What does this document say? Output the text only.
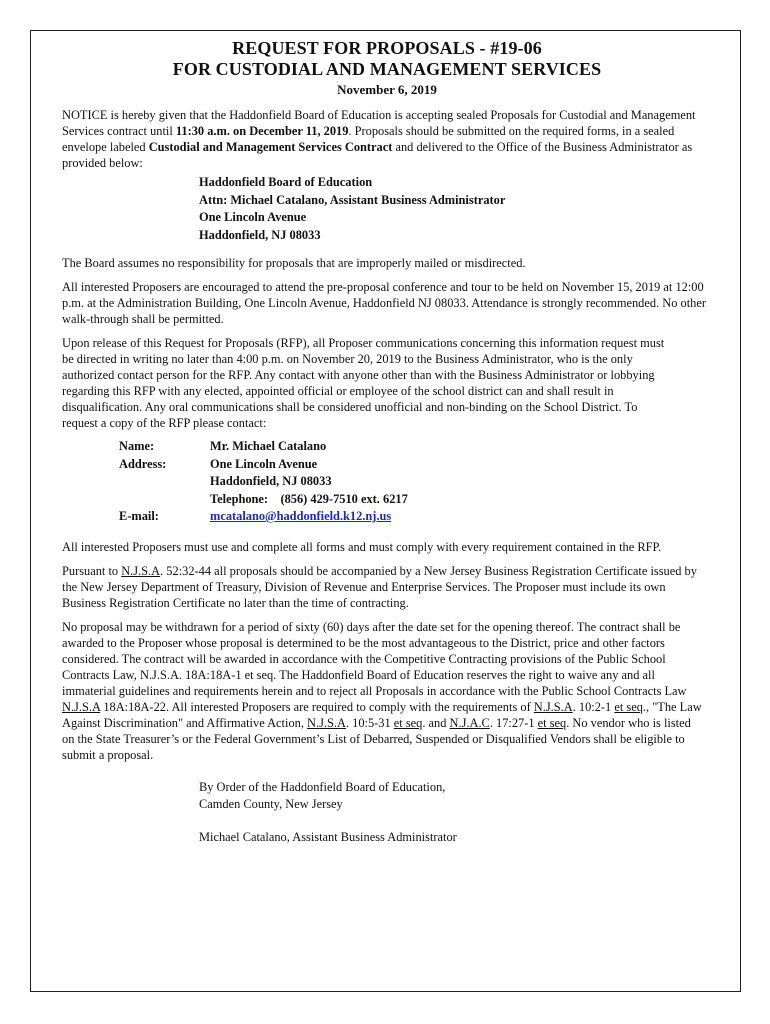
REQUEST FOR PROPOSALS - #19-06
FOR CUSTODIAL AND MANAGEMENT SERVICES
November 6, 2019

NOTICE is hereby given that the Haddonfield Board of Education is accepting sealed Proposals for Custodial and Management Services contract until 11:30 a.m. on December 11, 2019. Proposals should be submitted on the required forms, in a sealed envelope labeled Custodial and Management Services Contract and delivered to the Office of the Business Administrator as provided below:

Haddonfield Board of Education
Attn: Michael Catalano, Assistant Business Administrator
One Lincoln Avenue
Haddonfield, NJ 08033

The Board assumes no responsibility for proposals that are improperly mailed or misdirected.

All interested Proposers are encouraged to attend the pre-proposal conference and tour to be held on November 15, 2019 at 12:00 p.m. at the Administration Building, One Lincoln Avenue, Haddonfield NJ 08033. Attendance is strongly recommended. No other walk-through shall be permitted.

Upon release of this Request for Proposals (RFP), all Proposer communications concerning this information request must be directed in writing no later than 4:00 p.m. on November 20, 2019 to the Business Administrator, who is the only authorized contact person for the RFP. Any contact with anyone other than with the Business Administrator or lobbying regarding this RFP with any elected, appointed official or employee of the school district can and shall result in disqualification. Any oral communications shall be considered unofficial and non-binding on the School District. To request a copy of the RFP please contact:

Name:	Mr. Michael Catalano
Address:	One Lincoln Avenue
Haddonfield, NJ 08033
Telephone:    (856) 429-7510 ext. 6217
E-mail:	mcatalano@haddonfield.k12.nj.us

All interested Proposers must use and complete all forms and must comply with every requirement contained in the RFP.

Pursuant to N.J.S.A. 52:32-44 all proposals should be accompanied by a New Jersey Business Registration Certificate issued by the New Jersey Department of Treasury, Division of Revenue and Enterprise Services. The Proposer must include its own Business Registration Certificate no later than the time of contracting.

No proposal may be withdrawn for a period of sixty (60) days after the date set for the opening thereof. The contract shall be awarded to the Proposer whose proposal is determined to be the most advantageous to the District, price and other factors considered. The contract will be awarded in accordance with the Competitive Contracting provisions of the Public School Contracts Law, N.J.S.A. 18A:18A-1 et seq. The Haddonfield Board of Education reserves the right to waive any and all immaterial guidelines and requirements herein and to reject all Proposals in accordance with the Public School Contracts Law N.J.S.A 18A:18A-22. All interested Proposers are required to comply with the requirements of N.J.S.A. 10:2-1 et seq., "The Law Against Discrimination" and Affirmative Action, N.J.S.A. 10:5-31 et seq. and N.J.A.C. 17:27-1 et seq. No vendor who is listed on the State Treasurer’s or the Federal Government’s List of Debarred, Suspended or Disqualified Vendors shall be eligible to submit a proposal.

By Order of the Haddonfield Board of Education,
Camden County, New Jersey
Michael Catalano, Assistant Business Administrator
